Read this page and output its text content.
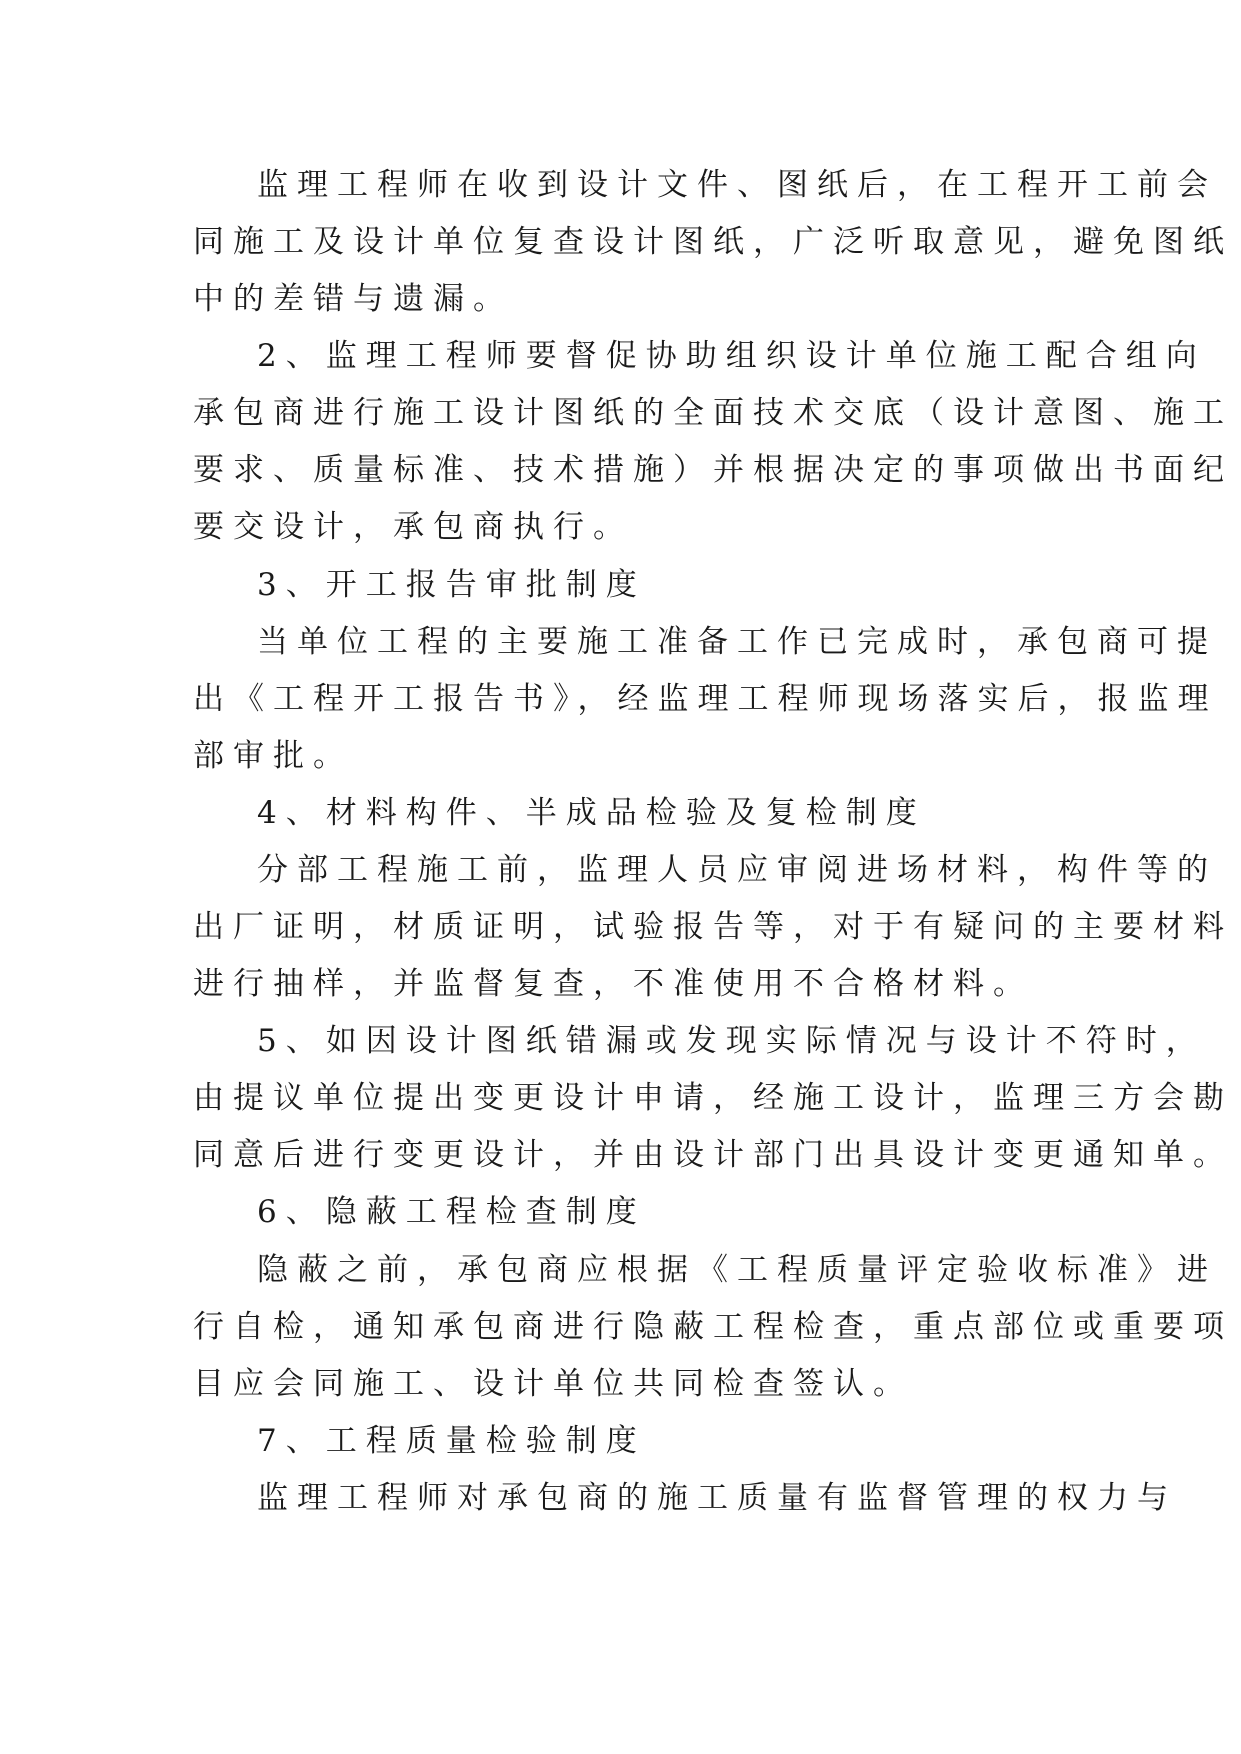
监理工程师在收到设计文件、图纸后，在工程开工前会
同施工及设计单位复查设计图纸，广泛听取意见，避免图纸
中的差错与遗漏。
2、监理工程师要督促协助组织设计单位施工配合组向
承包商进行施工设计图纸的全面技术交底（设计意图、施工
要求、质量标准、技术措施）并根据决定的事项做出书面纪
要交设计，承包商执行。
3、开工报告审批制度
当单位工程的主要施工准备工作已完成时，承包商可提
出《工程开工报告书》，经监理工程师现场落实后，报监理
部审批。
4、材料构件、半成品检验及复检制度
分部工程施工前，监理人员应审阅进场材料，构件等的
出厂证明，材质证明，试验报告等，对于有疑问的主要材料
进行抽样，并监督复查，不准使用不合格材料。
5、如因设计图纸错漏或发现实际情况与设计不符时，
由提议单位提出变更设计申请，经施工设计，监理三方会勘
同意后进行变更设计，并由设计部门出具设计变更通知单。
6、隐蔽工程检查制度
隐蔽之前，承包商应根据《工程质量评定验收标准》进
行自检，通知承包商进行隐蔽工程检查，重点部位或重要项
目应会同施工、设计单位共同检查签认。
7、工程质量检验制度
监理工程师对承包商的施工质量有监督管理的权力与
